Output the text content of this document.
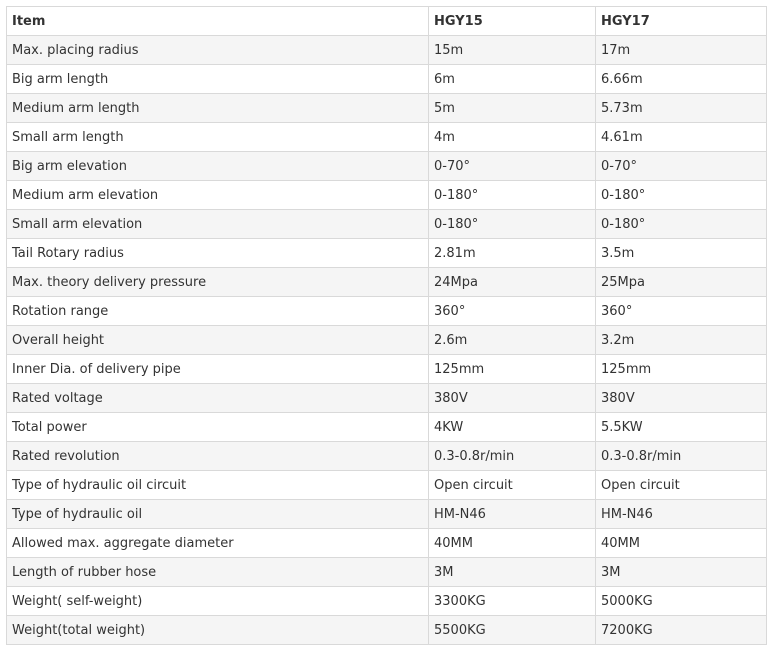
Item	HGY15	HGY17
Max. placing radius	15m	17m
Big arm length	6m	6.66m
Medium arm length	5m	5.73m
Small arm length	4m	4.61m
Big arm elevation	0-70°	0-70°
Medium arm elevation	0-180°	0-180°
Small arm elevation	0-180°	0-180°
Tail Rotary radius	2.81m	3.5m
Max. theory delivery pressure	24Mpa	25Mpa
Rotation range	360°	360°
Overall height	2.6m	3.2m
Inner Dia. of delivery pipe	125mm	125mm
Rated voltage	380V	380V
Total power	4KW	5.5KW
Rated revolution	0.3-0.8r/min	0.3-0.8r/min
Type of hydraulic oil circuit	Open circuit	Open circuit
Type of hydraulic oil	HM-N46	HM-N46
Allowed max. aggregate diameter	40MM	40MM
Length of rubber hose	3M	3M
Weight( self-weight)	3300KG	5000KG
Weight(total weight)	5500KG	7200KG
